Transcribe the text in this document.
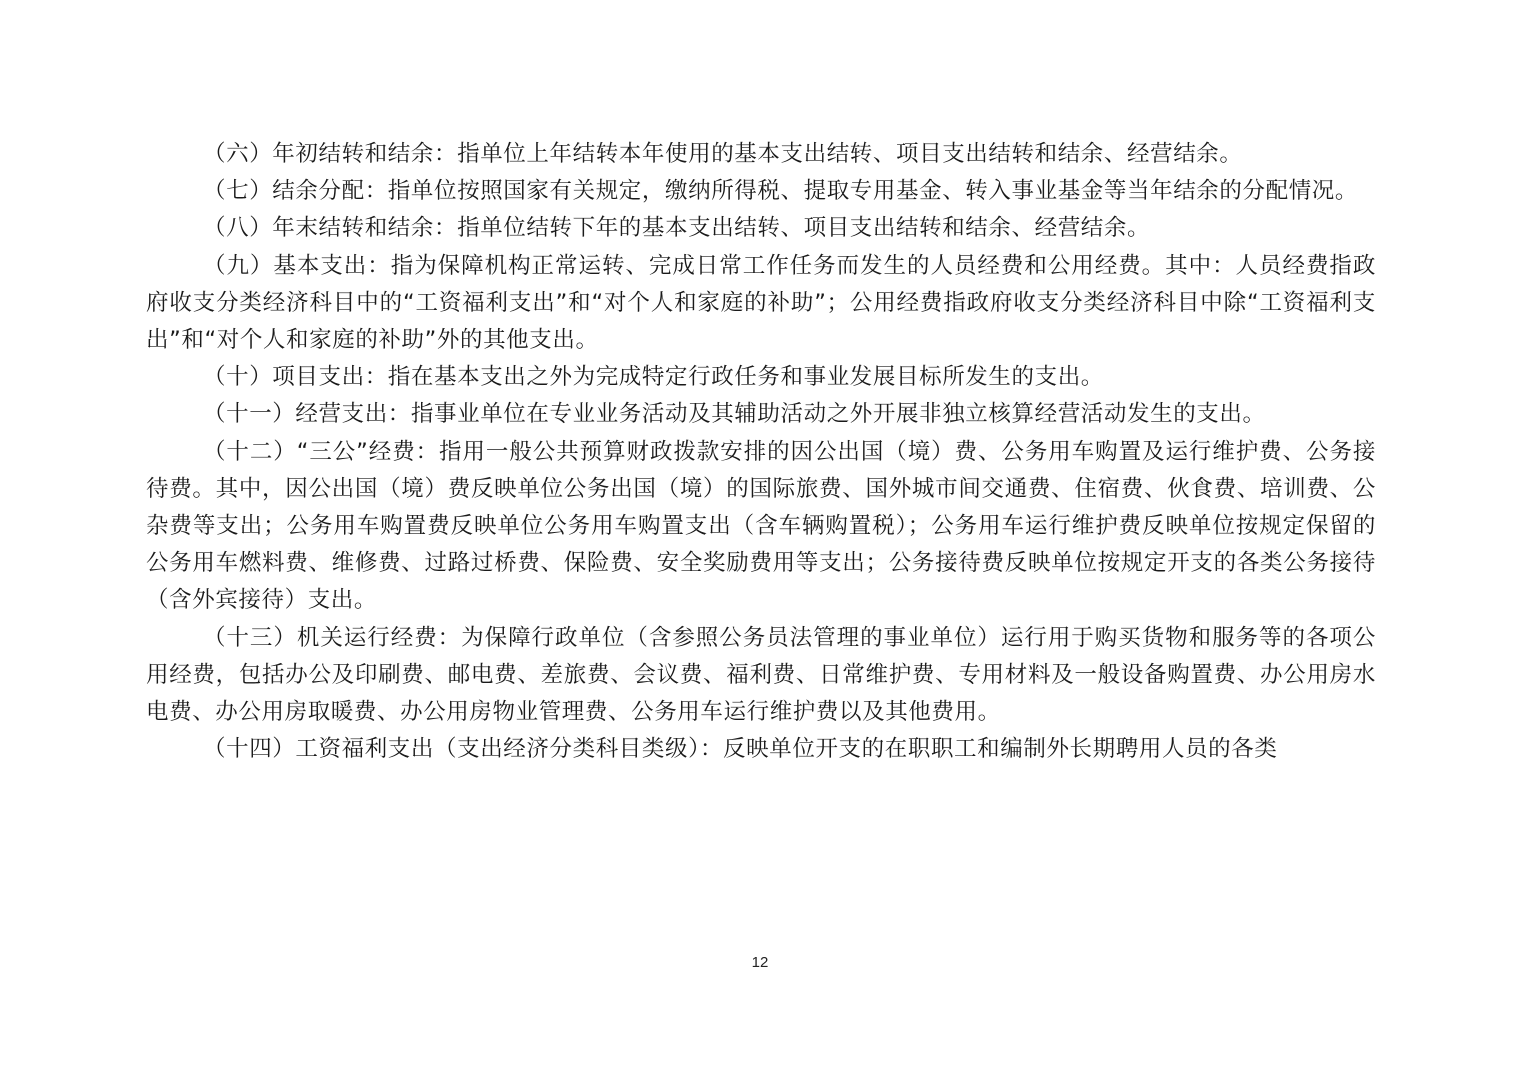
（六）年初结转和结余：指单位上年结转本年使用的基本支出结转、项目支出结转和结余、经营结余。

（七）结余分配：指单位按照国家有关规定，缴纳所得税、提取专用基金、转入事业基金等当年结余的分配情况。

（八）年末结转和结余：指单位结转下年的基本支出结转、项目支出结转和结余、经营结余。

（九）基本支出：指为保障机构正常运转、完成日常工作任务而发生的人员经费和公用经费。其中：人员经费指政府收支分类经济科目中的“工资福利支出”和“对个人和家庭的补助”；公用经费指政府收支分类经济科目中除“工资福利支出”和“对个人和家庭的补助”外的其他支出。

（十）项目支出：指在基本支出之外为完成特定行政任务和事业发展目标所发生的支出。

（十一）经营支出：指事业单位在专业业务活动及其辅助活动之外开展非独立核算经营活动发生的支出。

（十二）“三公”经费：指用一般公共预算财政拨款安排的因公出国（境）费、公务用车购置及运行维护费、公务接待费。其中，因公出国（境）费反映单位公务出国（境）的国际旅费、国外城市间交通费、住宿费、伙食费、培训费、公杂费等支出；公务用车购置费反映单位公务用车购置支出（含车辆购置税）；公务用车运行维护费反映单位按规定保留的公务用车燃料费、维修费、过路过桥费、保险费、安全奖励费用等支出；公务接待费反映单位按规定开支的各类公务接待（含外宾接待）支出。

（十三）机关运行经费：为保障行政单位（含参照公务员法管理的事业单位）运行用于购买货物和服务等的各项公用经费，包括办公及印刷费、邮电费、差旅费、会议费、福利费、日常维护费、专用材料及一般设备购置费、办公用房水电费、办公用房取暖费、办公用房物业管理费、公务用车运行维护费以及其他费用。

（十四）工资福利支出（支出经济分类科目类级）：反映单位开支的在职职工和编制外长期聘用人员的各类

12
